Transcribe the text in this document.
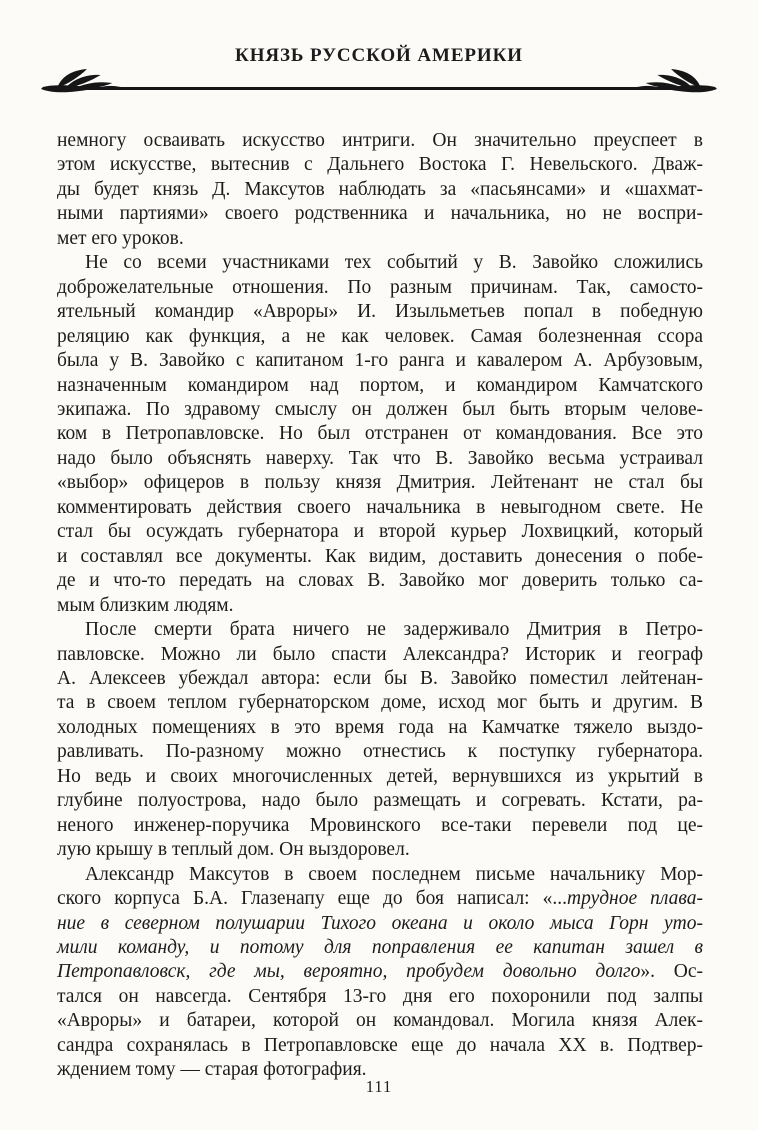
КНЯЗЬ РУССКОЙ АМЕРИКИ
немногу осваивать искусство интриги. Он значительно преуспеет в
этом искусстве, вытеснив с Дальнего Востока Г. Невельского. Дваж-
ды будет князь Д. Максутов наблюдать за «пасьянсами» и «шахмат-
ными партиями» своего родственника и начальника, но не воспри-
мет его уроков.
Не со всеми участниками тех событий у В. Завойко сложились
доброжелательные отношения. По разным причинам. Так, самосто-
ятельный командир «Авроры» И. Изыльметьев попал в победную
реляцию как функция, а не как человек. Самая болезненная ссора
была у В. Завойко с капитаном 1-го ранга и кавалером А. Арбузовым,
назначенным командиром над портом, и командиром Камчатского
экипажа. По здравому смыслу он должен был быть вторым челове-
ком в Петропавловске. Но был отстранен от командования. Все это
надо было объяснять наверху. Так что В. Завойко весьма устраивал
«выбор» офицеров в пользу князя Дмитрия. Лейтенант не стал бы
комментировать действия своего начальника в невыгодном свете. Не
стал бы осуждать губернатора и второй курьер Лохвицкий, который
и составлял все документы. Как видим, доставить донесения о побе-
де и что-то передать на словах В. Завойко мог доверить только са-
мым близким людям.
После смерти брата ничего не задерживало Дмитрия в Петро-
павловске. Можно ли было спасти Александра? Историк и географ
А. Алексеев убеждал автора: если бы В. Завойко поместил лейтенан-
та в своем теплом губернаторском доме, исход мог быть и другим. В
холодных помещениях в это время года на Камчатке тяжело выздо-
равливать. По-разному можно отнестись к поступку губернатора.
Но ведь и своих многочисленных детей, вернувшихся из укрытий в
глубине полуострова, надо было размещать и согревать. Кстати, ра-
неного инженер-поручика Мровинского все-таки перевели под це-
лую крышу в теплый дом. Он выздоровел.
Александр Максутов в своем последнем письме начальнику Мор-
ского корпуса Б.А. Глазенапу еще до боя написал: «...трудное плава-
ние в северном полушарии Тихого океана и около мыса Горн уто-
мили команду, и потому для поправления ее капитан зашел в
Петропавловск, где мы, вероятно, пробудем довольно долго». Ос-
тался он навсегда. Сентября 13-го дня его похоронили под залпы
«Авроры» и батареи, которой он командовал. Могила князя Алек-
сандра сохранялась в Петропавловске еще до начала XX в. Подтвер-
ждением тому — старая фотография.
111
